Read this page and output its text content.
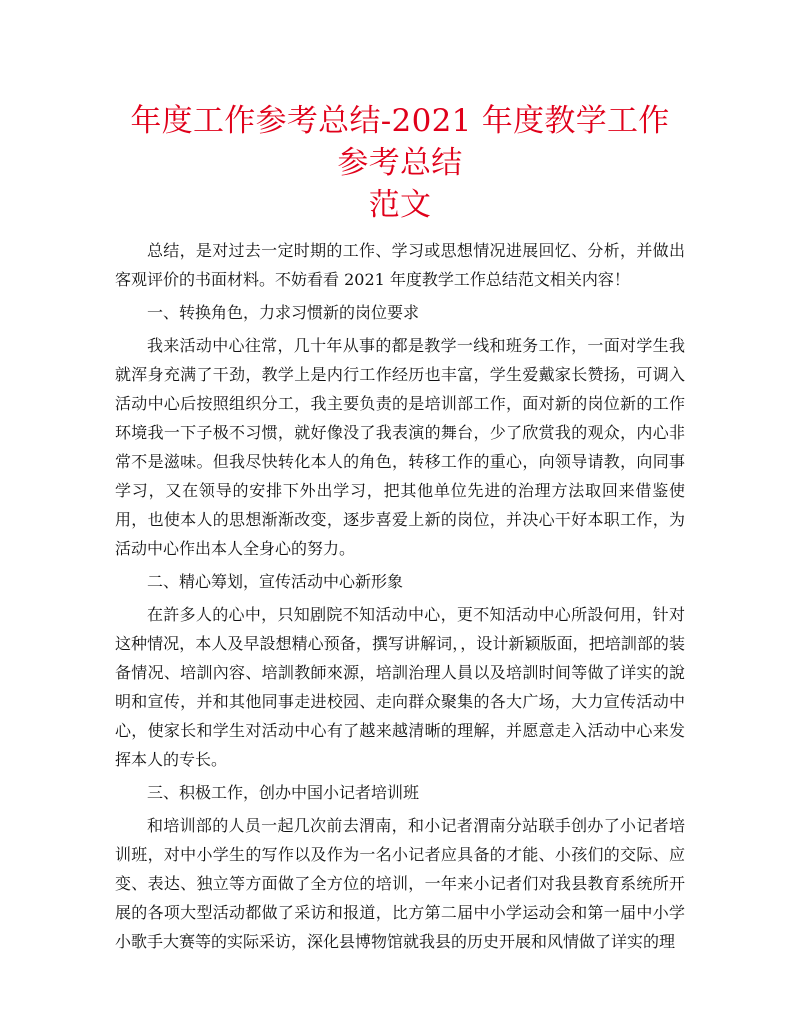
年度工作参考总结-2021 年度教学工作参考总结
范文

总结，是对过去一定时期的工作、学习或思想情况进展回忆、分析，并做出客观评价的书面材料。不妨看看 2021 年度教学工作总结范文相关内容！

一、转换角色，力求习惯新的岗位要求

我来活动中心往常，几十年从事的都是教学一线和班务工作，一面对学生我就浑身充满了干劲，教学上是内行工作经历也丰富，学生爱戴家长赞扬，可调入活动中心后按照组织分工，我主要负责的是培训部工作，面对新的岗位新的工作环境我一下子极不习惯，就好像没了我表演的舞台，少了欣赏我的观众，内心非常不是滋味。但我尽快转化本人的角色，转移工作的重心，向领导请教，向同事学习，又在领导的安排下外出学习，把其他单位先进的治理方法取回来借鉴使用，也使本人的思想渐渐改变，逐步喜爱上新的岗位，并决心干好本职工作，为活动中心作出本人全身心的努力。

二、精心筹划，宣传活动中心新形象

在許多人的心中，只知剧院不知活动中心，更不知活动中心所設何用，针对这种情况，本人及早設想精心预备，撰写讲解词，，设计新颖版面，把培訓部的装备情况、培訓內容、培訓教師來源，培訓治理人員以及培訓时间等做了详实的說明和宣传，并和其他同事走进校园、走向群众聚集的各大广场，大力宣传活动中心，使家长和学生对活动中心有了越来越清晰的理解，并愿意走入活动中心来发挥本人的专长。

三、积极工作，创办中国小记者培训班

和培训部的人员一起几次前去渭南，和小记者渭南分站联手创办了小记者培训班，对中小学生的写作以及作为一名小记者应具备的才能、小孩们的交际、应变、表达、独立等方面做了全方位的培训，一年来小记者们对我县教育系统所开展的各项大型活动都做了采访和报道，比方第二届中小学运动会和第一届中小学小歌手大赛等的实际采访，深化县博物馆就我县的历史开展和风情做了详实的理
